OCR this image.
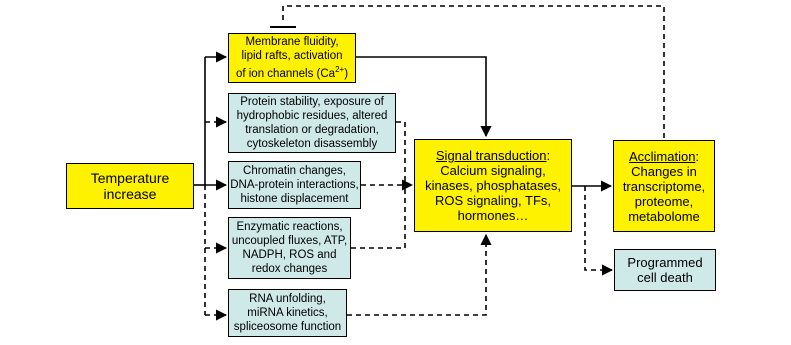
Temperature
increase
Membrane fluidity,
lipid rafts, activation
of ion channels $(Ca^{2+})$
Protein stability, exposure of
hydrophobic residues, altered
translation or degradation,
cytoskeleton disassembly
Chromatin changes,
DNA-protein interactions,
histone displacement
Enzymatic reactions,
uncoupled fluxes, ATP,
NADPH, ROS and
redox changes
RNA unfolding,
miRNA kinetics,
spliceosome function
Signal transduction:
Calcium signaling,
kinases, phosphatases,
ROS signaling, TFs,
hormones…
Acclimation:
Changes in
transcriptome,
proteome,
metabolome
Programmed
cell death
